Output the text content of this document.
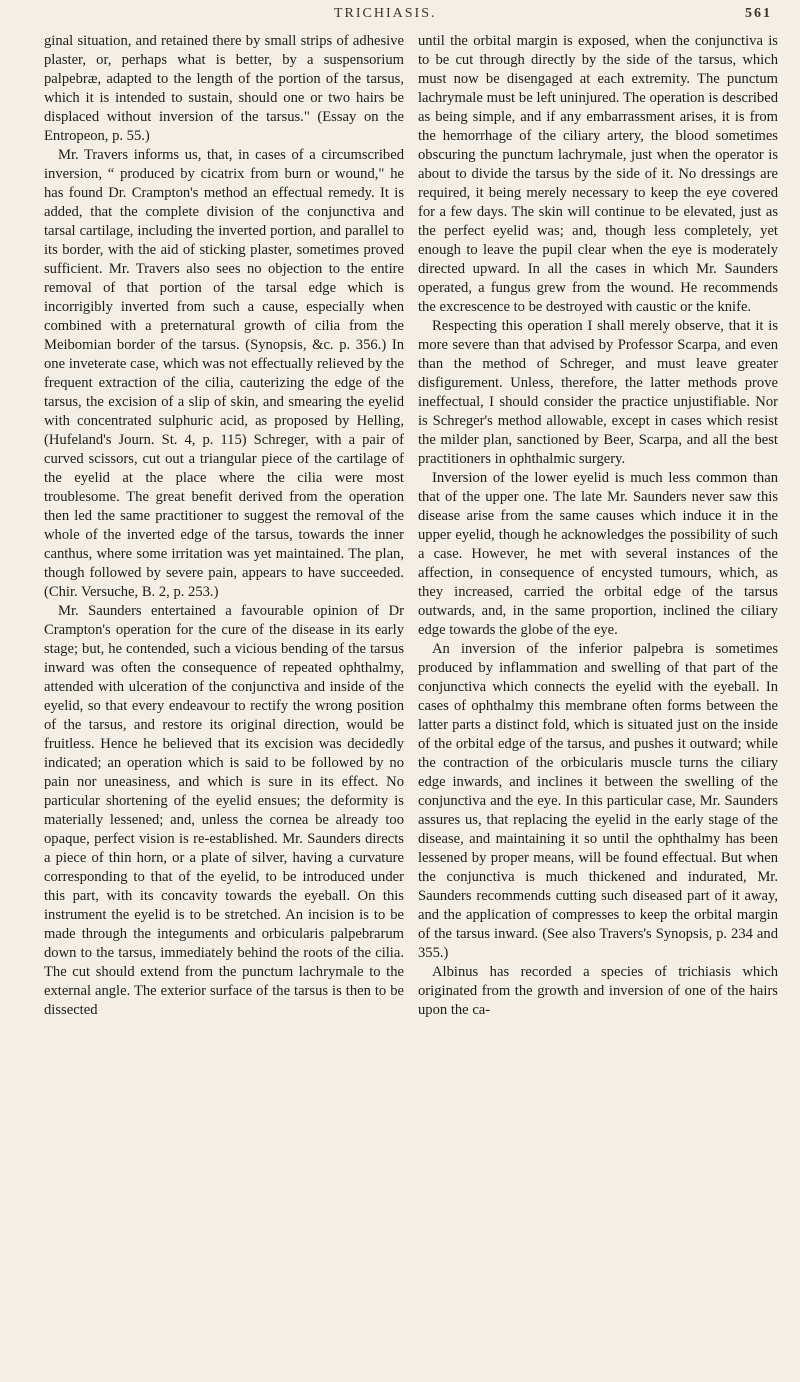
TRICHIASIS.	561

ginal situation, and retained there by small strips of adhesive plaster, or, perhaps what is better, by a suspensorium palpebræ, adapted to the length of the portion of the tarsus, which it is intended to sustain, should one or two hairs be displaced without inversion of the tarsus." (Essay on the Entropeon, p. 55.)

Mr. Travers informs us, that, in cases of a circumscribed inversion, “ produced by cicatrix from burn or wound," he has found Dr. Crampton's method an effectual remedy. It is added, that the complete division of the conjunctiva and tarsal cartilage, including the inverted portion, and parallel to its border, with the aid of sticking plaster, sometimes proved sufficient. Mr. Travers also sees no objection to the entire removal of that portion of the tarsal edge which is incorrigibly inverted from such a cause, especially when combined with a preternatural growth of cilia from the Meibomian border of the tarsus. (Synopsis, &c. p. 356.) In one inveterate case, which was not effectually relieved by the frequent extraction of the cilia, cauterizing the edge of the tarsus, the excision of a slip of skin, and smearing the eyelid with concentrated sulphuric acid, as proposed by Helling, (Hufeland's Journ. St. 4, p. 115) Schreger, with a pair of curved scissors, cut out a triangular piece of the cartilage of the eyelid at the place where the cilia were most troublesome. The great benefit derived from the operation then led the same practitioner to suggest the removal of the whole of the inverted edge of the tarsus, towards the inner canthus, where some irritation was yet maintained. The plan, though followed by severe pain, appears to have succeeded. (Chir. Versuche, B. 2, p. 253.)

Mr. Saunders entertained a favourable opinion of Dr Crampton's operation for the cure of the disease in its early stage; but, he contended, such a vicious bending of the tarsus inward was often the consequence of repeated ophthalmy, attended with ulceration of the conjunctiva and inside of the eyelid, so that every endeavour to rectify the wrong position of the tarsus, and restore its original direction, would be fruitless. Hence he believed that its excision was decidedly indicated; an operation which is said to be followed by no pain nor uneasiness, and which is sure in its effect. No particular shortening of the eyelid ensues; the deformity is materially lessened; and, unless the cornea be already too opaque, perfect vision is re-established. Mr. Saunders directs a piece of thin horn, or a plate of silver, having a curvature corresponding to that of the eyelid, to be introduced under this part, with its concavity towards the eyeball. On this instrument the eyelid is to be stretched. An incision is to be made through the integuments and orbicularis palpebrarum down to the tarsus, immediately behind the roots of the cilia. The cut should extend from the punctum lachrymale to the external angle. The exterior surface of the tarsus is then to be dissected

until the orbital margin is exposed, when the conjunctiva is to be cut through directly by the side of the tarsus, which must now be disengaged at each extremity. The punctum lachrymale must be left uninjured. The operation is described as being simple, and if any embarrassment arises, it is from the hemorrhage of the ciliary artery, the blood sometimes obscuring the punctum lachrymale, just when the operator is about to divide the tarsus by the side of it. No dressings are required, it being merely necessary to keep the eye covered for a few days. The skin will continue to be elevated, just as the perfect eyelid was; and, though less completely, yet enough to leave the pupil clear when the eye is moderately directed upward. In all the cases in which Mr. Saunders operated, a fungus grew from the wound. He recommends the excrescence to be destroyed with caustic or the knife.

Respecting this operation I shall merely observe, that it is more severe than that advised by Professor Scarpa, and even than the method of Schreger, and must leave greater disfigurement. Unless, therefore, the latter methods prove ineffectual, I should consider the practice unjustifiable. Nor is Schreger's method allowable, except in cases which resist the milder plan, sanctioned by Beer, Scarpa, and all the best practitioners in ophthalmic surgery.

Inversion of the lower eyelid is much less common than that of the upper one. The late Mr. Saunders never saw this disease arise from the same causes which induce it in the upper eyelid, though he acknowledges the possibility of such a case. However, he met with several instances of the affection, in consequence of encysted tumours, which, as they increased, carried the orbital edge of the tarsus outwards, and, in the same proportion, inclined the ciliary edge towards the globe of the eye.

An inversion of the inferior palpebra is sometimes produced by inflammation and swelling of that part of the conjunctiva which connects the eyelid with the eyeball. In cases of ophthalmy this membrane often forms between the latter parts a distinct fold, which is situated just on the inside of the orbital edge of the tarsus, and pushes it outward; while the contraction of the orbicularis muscle turns the ciliary edge inwards, and inclines it between the swelling of the conjunctiva and the eye. In this particular case, Mr. Saunders assures us, that replacing the eyelid in the early stage of the disease, and maintaining it so until the ophthalmy has been lessened by proper means, will be found effectual. But when the conjunctiva is much thickened and indurated, Mr. Saunders recommends cutting such diseased part of it away, and the application of compresses to keep the orbital margin of the tarsus inward. (See also Travers's Synopsis, p. 234 and 355.)

Albinus has recorded a species of trichiasis which originated from the growth and inversion of one of the hairs upon the ca-
